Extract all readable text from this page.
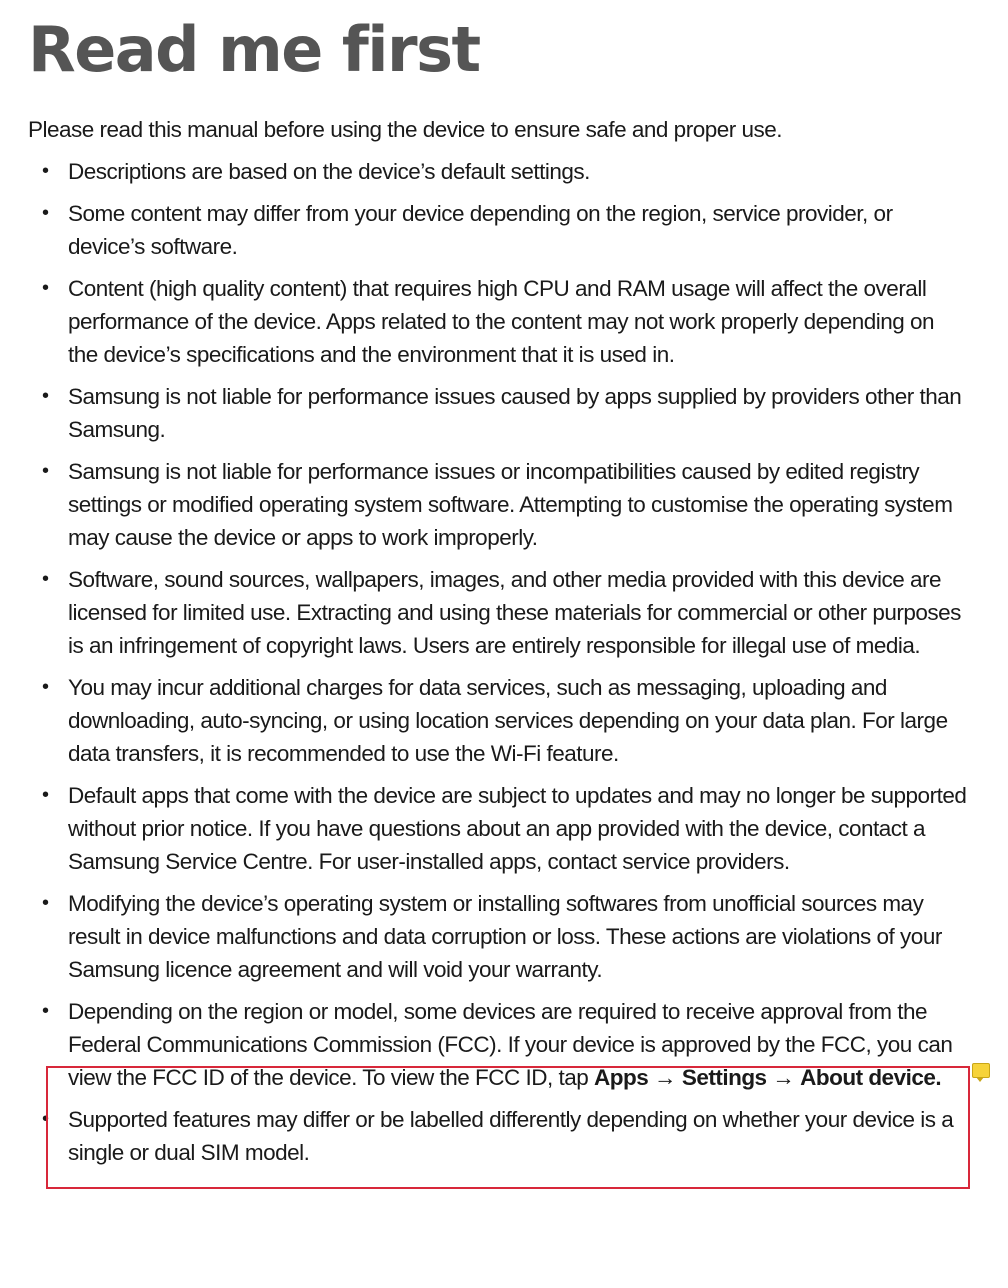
Read me first

Please read this manual before using the device to ensure safe and proper use.

• Descriptions are based on the device’s default settings.
• Some content may differ from your device depending on the region, service provider, or device’s software.
• Content (high quality content) that requires high CPU and RAM usage will affect the overall performance of the device. Apps related to the content may not work properly depending on the device’s specifications and the environment that it is used in.
• Samsung is not liable for performance issues caused by apps supplied by providers other than Samsung.
• Samsung is not liable for performance issues or incompatibilities caused by edited registry settings or modified operating system software. Attempting to customise the operating system may cause the device or apps to work improperly.
• Software, sound sources, wallpapers, images, and other media provided with this device are licensed for limited use. Extracting and using these materials for commercial or other purposes is an infringement of copyright laws. Users are entirely responsible for illegal use of media.
• You may incur additional charges for data services, such as messaging, uploading and downloading, auto-syncing, or using location services depending on your data plan. For large data transfers, it is recommended to use the Wi-Fi feature.
• Default apps that come with the device are subject to updates and may no longer be supported without prior notice. If you have questions about an app provided with the device, contact a Samsung Service Centre. For user-installed apps, contact service providers.
• Modifying the device’s operating system or installing softwares from unofficial sources may result in device malfunctions and data corruption or loss. These actions are violations of your Samsung licence agreement and will void your warranty.
• Depending on the region or model, some devices are required to receive approval from the Federal Communications Commission (FCC). If your device is approved by the FCC, you can view the FCC ID of the device. To view the FCC ID, tap Apps → Settings → About device.
• Supported features may differ or be labelled differently depending on whether your device is a single or dual SIM model.
